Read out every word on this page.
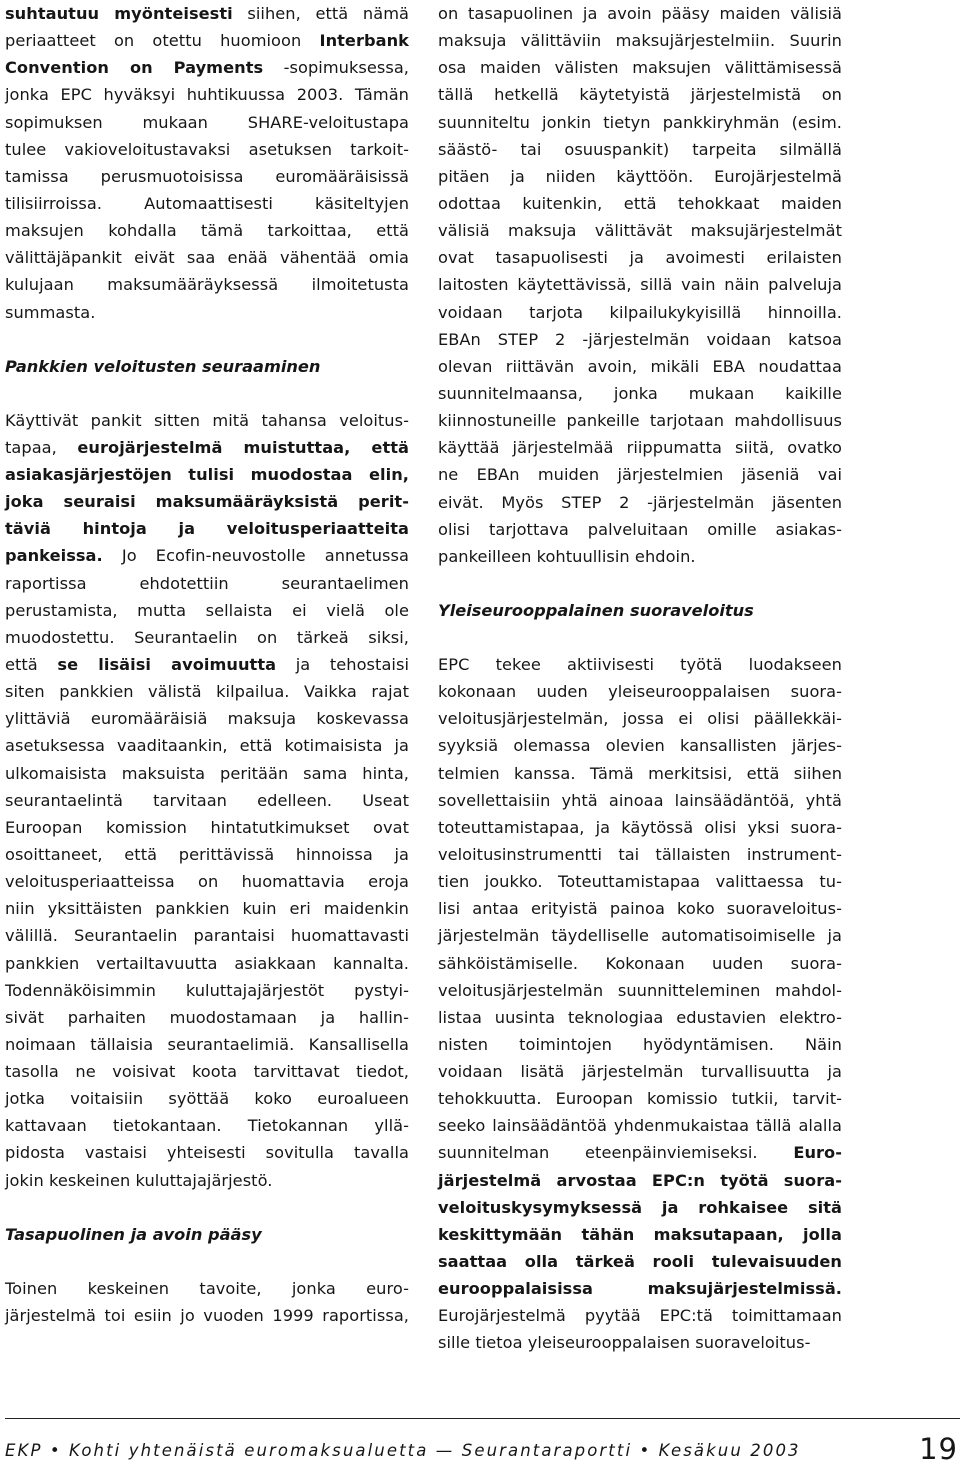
suhtautuu myönteisesti siihen, että nämä
periaatteet on otettu huomioon Interbank
Convention on Payments -sopimuksessa,
jonka EPC hyväksyi huhtikuussa 2003. Tämän
sopimuksen mukaan SHARE-veloitustapa
tulee vakioveloitustavaksi asetuksen tarkoit-
tamissa perusmuotoisissa euromääräisissä
tilisiirroissa. Automaattisesti käsiteltyjen
maksujen kohdalla tämä tarkoittaa, että
välittäjäpankit eivät saa enää vähentää omia
kulujaan maksumääräyksessä ilmoitetusta
summasta.
Pankkien veloitusten seuraaminen
Käyttivät pankit sitten mitä tahansa veloitus-
tapaa, eurojärjestelmä muistuttaa, että
asiakasjärjestöjen tulisi muodostaa elin,
joka seuraisi maksumääräyksistä perit-
täviä hintoja ja veloitusperiaatteita
pankeissa. Jo Ecofin-neuvostolle annetussa
raportissa ehdotettiin seurantaelimen
perustamista, mutta sellaista ei vielä ole
muodostettu. Seurantaelin on tärkeä siksi,
että se lisäisi avoimuutta ja tehostaisi
siten pankkien välistä kilpailua. Vaikka rajat
ylittäviä euromääräisiä maksuja koskevassa
asetuksessa vaaditaankin, että kotimaisista ja
ulkomaisista maksuista peritään sama hinta,
seurantaelintä tarvitaan edelleen. Useat
Euroopan komission hintatutkimukset ovat
osoittaneet, että perittävissä hinnoissa ja
veloitusperiaatteissa on huomattavia eroja
niin yksittäisten pankkien kuin eri maidenkin
välillä. Seurantaelin parantaisi huomattavasti
pankkien vertailtavuutta asiakkaan kannalta.
Todennäköisimmin kuluttajajärjestöt pystyi-
sivät parhaiten muodostamaan ja hallin-
noimaan tällaisia seurantaelimiä. Kansallisella
tasolla ne voisivat koota tarvittavat tiedot,
jotka voitaisiin syöttää koko euroalueen
kattavaan tietokantaan. Tietokannan yllä-
pidosta vastaisi yhteisesti sovitulla tavalla
jokin keskeinen kuluttajajärjestö.
Tasapuolinen ja avoin pääsy
Toinen keskeinen tavoite, jonka euro-
järjestelmä toi esiin jo vuoden 1999 raportissa,
on tasapuolinen ja avoin pääsy maiden välisiä
maksuja välittäviin maksujärjestelmiin. Suurin
osa maiden välisten maksujen välittämisessä
tällä hetkellä käytetyistä järjestelmistä on
suunniteltu jonkin tietyn pankkiryhmän (esim.
säästö- tai osuuspankit) tarpeita silmällä
pitäen ja niiden käyttöön. Eurojärjestelmä
odottaa kuitenkin, että tehokkaat maiden
välisiä maksuja välittävät maksujärjestelmät
ovat tasapuolisesti ja avoimesti erilaisten
laitosten käytettävissä, sillä vain näin palveluja
voidaan tarjota kilpailukykyisillä hinnoilla.
EBAn STEP 2 -järjestelmän voidaan katsoa
olevan riittävän avoin, mikäli EBA noudattaa
suunnitelmaansa, jonka mukaan kaikille
kiinnostuneille pankeille tarjotaan mahdollisuus
käyttää järjestelmää riippumatta siitä, ovatko
ne EBAn muiden järjestelmien jäseniä vai
eivät. Myös STEP 2 -järjestelmän jäsenten
olisi tarjottava palveluitaan omille asiakas-
pankeilleen kohtuullisin ehdoin.
Yleiseurooppalainen suoraveloitus
EPC tekee aktiivisesti työtä luodakseen
kokonaan uuden yleiseurooppalaisen suora-
veloitusjärjestelmän, jossa ei olisi päällekkäi-
syyksiä olemassa olevien kansallisten järjes-
telmien kanssa. Tämä merkitsisi, että siihen
sovellettaisiin yhtä ainoaa lainsäädäntöä, yhtä
toteuttamistapaa, ja käytössä olisi yksi suora-
veloitusinstrumentti tai tällaisten instrument-
tien joukko. Toteuttamistapaa valittaessa tu-
lisi antaa erityistä painoa koko suoraveloitus-
järjestelmän täydelliselle automatisoimiselle ja
sähköistämiselle. Kokonaan uuden suora-
veloitusjärjestelmän suunnitteleminen mahdol-
listaa uusinta teknologiaa edustavien elektro-
nisten toimintojen hyödyntämisen. Näin
voidaan lisätä järjestelmän turvallisuutta ja
tehokkuutta. Euroopan komissio tutkii, tarvit-
seeko lainsäädäntöä yhdenmukaistaa tällä alalla
suunnitelman eteenpäinviemiseksi. Euro-
järjestelmä arvostaa EPC:n työtä suora-
veloituskysymyksessä ja rohkaisee sitä
keskittymään tähän maksutapaan, jolla
saattaa olla tärkeä rooli tulevaisuuden
eurooppalaisissa maksujärjestelmissä.
Eurojärjestelmä pyytää EPC:tä toimittamaan
sille tietoa yleiseurooppalaisen suoraveloitus-
EKP • Kohti yhtenäistä euromaksualuetta — Seurantaraportti • Kesäkuu 2003	19
